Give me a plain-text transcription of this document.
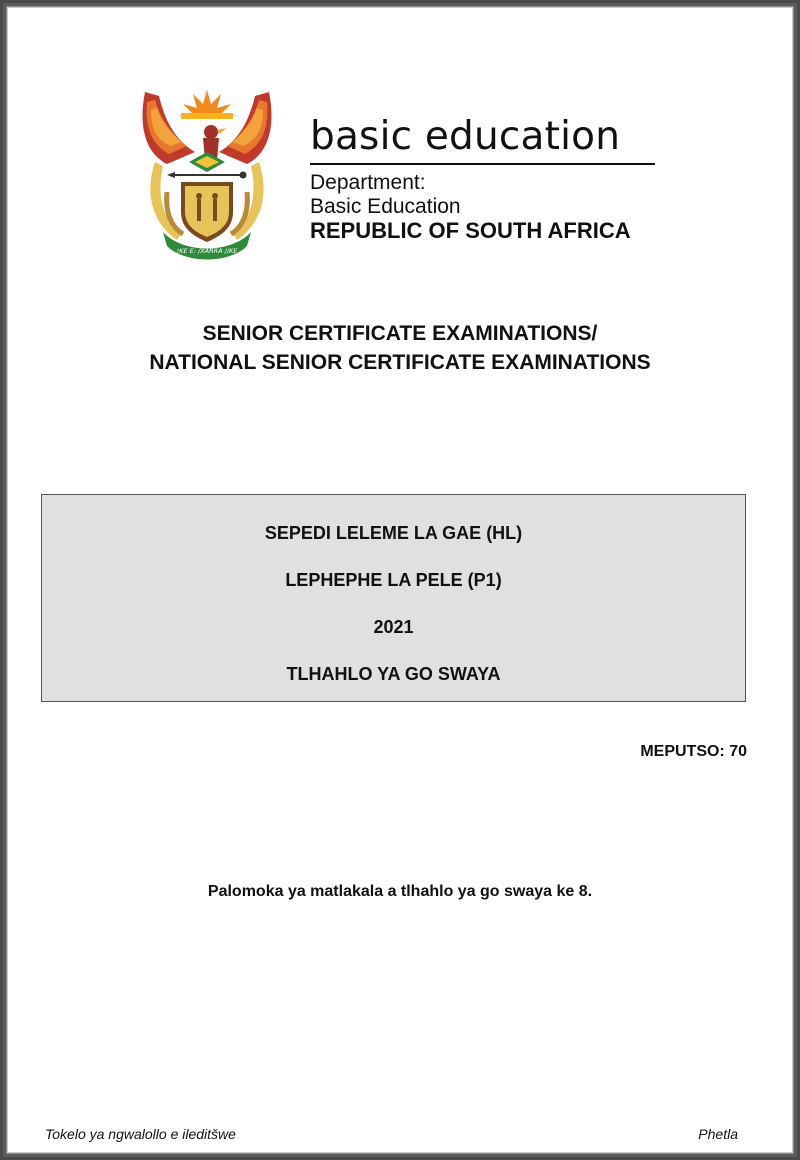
!KE E: /XARRA //KE
basic education
Department:
Basic Education
REPUBLIC OF SOUTH AFRICA
SENIOR CERTIFICATE EXAMINATIONS/
NATIONAL SENIOR CERTIFICATE EXAMINATIONS
SEPEDI LELEME LA GAE (HL)
LEPHEPHE LA PELE (P1)
2021
TLHAHLO YA GO SWAYA
MEPUTSO: 70
Palomoka ya matlakala a tlhahlo ya go swaya ke 8.
Tokelo ya ngwalollo e ileditšwe	Phetla
